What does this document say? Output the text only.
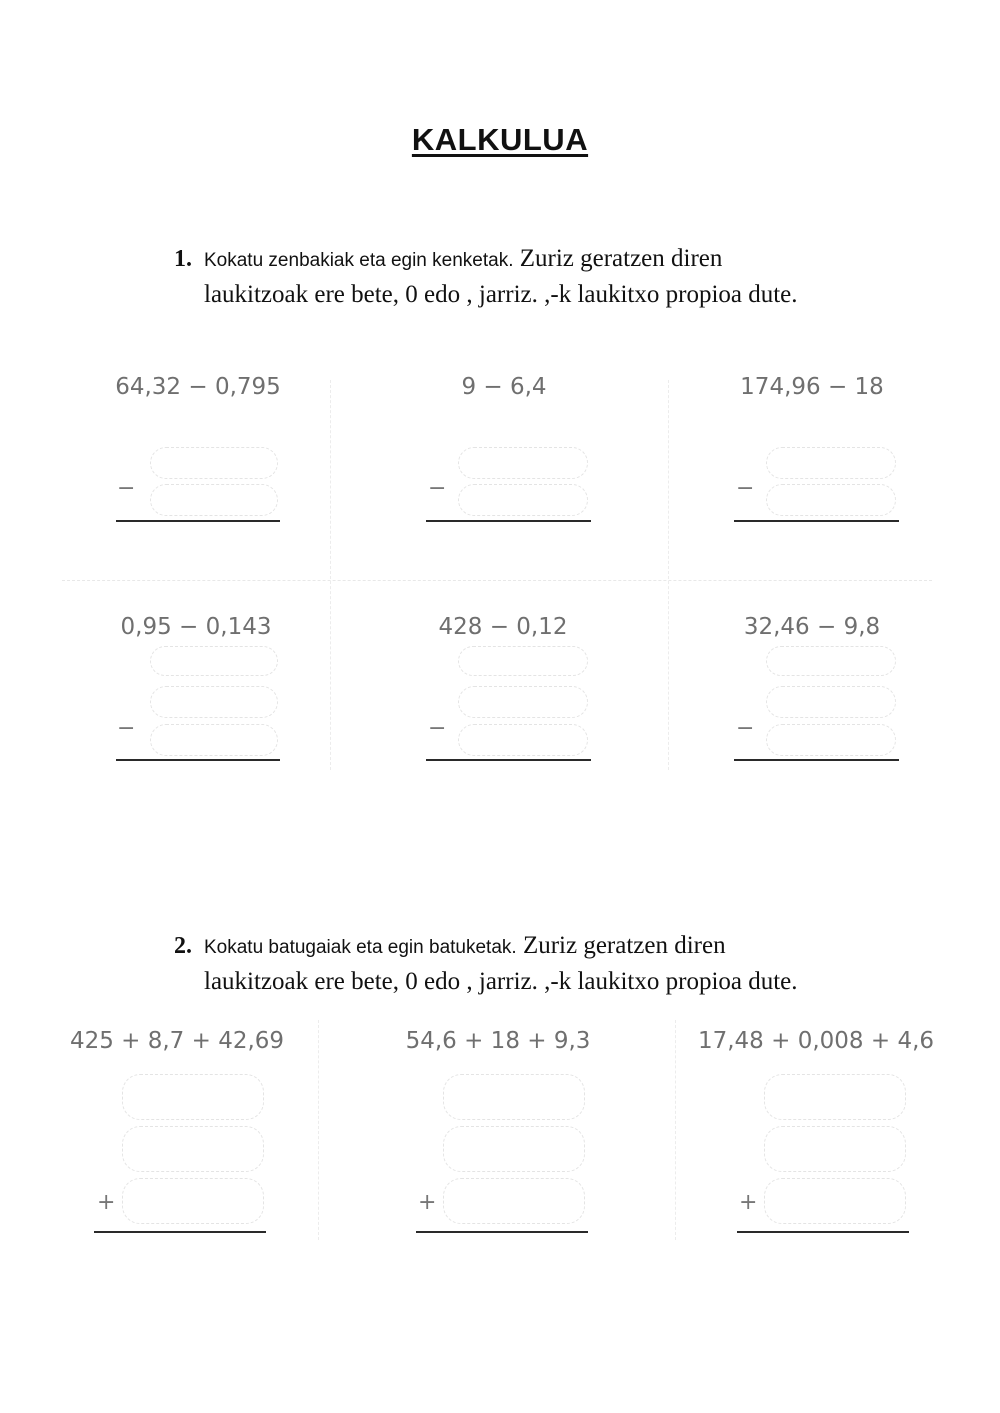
KALKULUA
1. Kokatu zenbakiak eta egin kenketak. Zuriz geratzen diren
laukitzoak ere bete, 0 edo , jarriz. ,-k laukitxo propioa dute.
64,32 − 0,795
−
9 − 6,4
−
174,96 − 18
−
0,95 − 0,143
−
428 − 0,12
−
32,46 − 9,8
−
2. Kokatu batugaiak eta egin batuketak. Zuriz geratzen diren
laukitzoak ere bete, 0 edo , jarriz. ,-k laukitxo propioa dute.
425 + 8,7 + 42,69
+
54,6 + 18 + 9,3
+
17,48 + 0,008 + 4,6
+
